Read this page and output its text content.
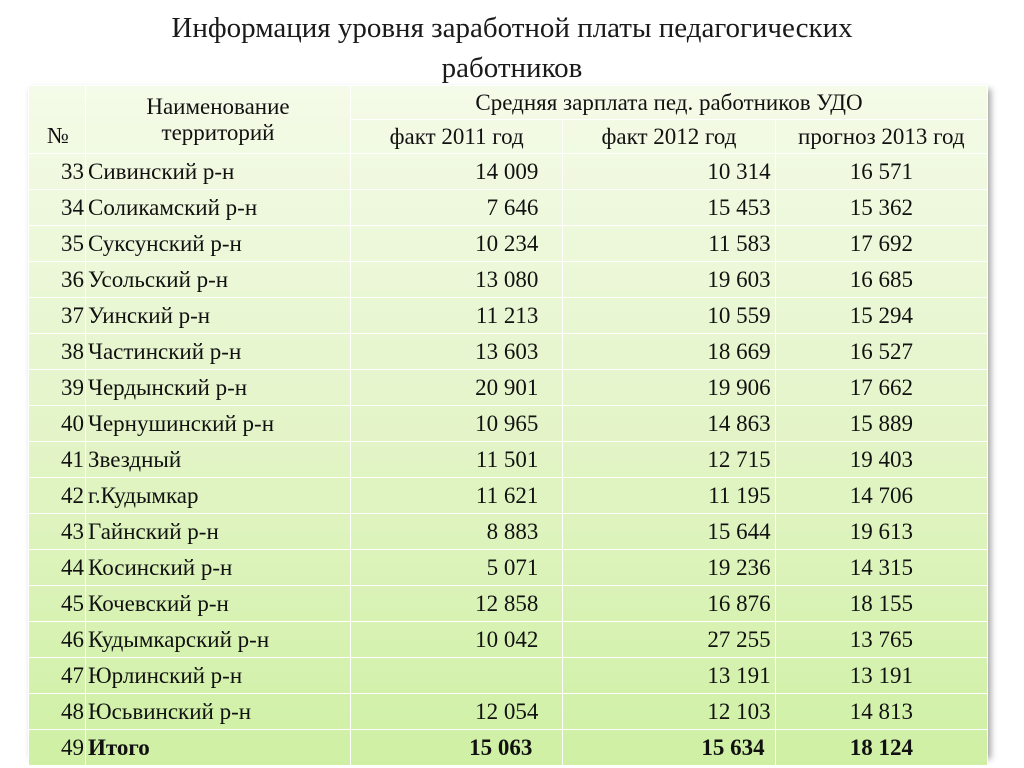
Информация уровня заработной платы педагогических
работников
№	Наименование территорий	Средняя зарплата пед. работников УДО		
		факт 2011 год	факт 2012 год	прогноз 2013 год
33	Сивинский р-н	14 009	10 314	16 571
34	Соликамский р-н	7 646	15 453	15 362
35	Суксунский р-н	10 234	11 583	17 692
36	Усольский р-н	13 080	19 603	16 685
37	Уинский р-н	11 213	10 559	15 294
38	Частинский р-н	13 603	18 669	16 527
39	Чердынский р-н	20 901	19 906	17 662
40	Чернушинский р-н	10 965	14 863	15 889
41	Звездный	11 501	12 715	19 403
42	г.Кудымкар	11 621	11 195	14 706
43	Гайнский р-н	8 883	15 644	19 613
44	Косинский р-н	5 071	19 236	14 315
45	Кочевский р-н	12 858	16 876	18 155
46	Кудымкарский р-н	10 042	27 255	13 765
47	Юрлинский р-н		13 191	13 191
48	Юсьвинский р-н	12 054	12 103	14 813
49	Итого	15 063	15 634	18 124
